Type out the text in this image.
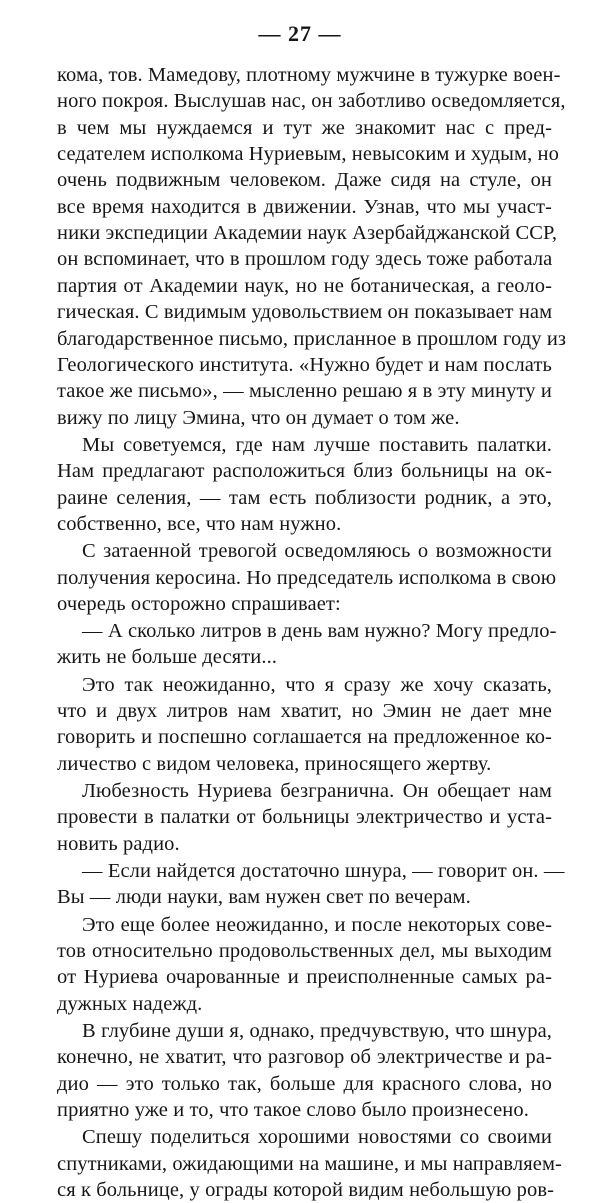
— 27 —
кома, тов. Мамедову, плотному мужчине в тужурке воен-
ного покроя. Выслушав нас, он заботливо осведомляется,
в чем мы нуждаемся и тут же знакомит нас с пред-
седателем исполкома Нуриевым, невысоким и худым, но
очень подвижным человеком. Даже сидя на стуле, он
все время находится в движении. Узнав, что мы участ-
ники экспедиции Академии наук Азербайджанской ССР,
он вспоминает, что в прошлом году здесь тоже работала
партия от Академии наук, но не ботаническая, а геоло-
гическая. С видимым удовольствием он показывает нам
благодарственное письмо, присланное в прошлом году из
Геологического института. «Нужно будет и нам послать
такое же письмо», — мысленно решаю я в эту минуту и
вижу по лицу Эмина, что он думает о том же.
Мы советуемся, где нам лучше поставить палатки.
Нам предлагают расположиться близ больницы на ок-
раине селения, — там есть поблизости родник, а это,
собственно, все, что нам нужно.
С затаенной тревогой осведомляюсь о возможности
получения керосина. Но председатель исполкома в свою
очередь осторожно спрашивает:
— А сколько литров в день вам нужно? Могу предло-
жить не больше десяти...
Это так неожиданно, что я сразу же хочу сказать,
что и двух литров нам хватит, но Эмин не дает мне
говорить и поспешно соглашается на предложенное ко-
личество с видом человека, приносящего жертву.
Любезность Нуриева безгранична. Он обещает нам
провести в палатки от больницы электричество и уста-
новить радио.
— Если найдется достаточно шнура, — говорит он. —
Вы — люди науки, вам нужен свет по вечерам.
Это еще более неожиданно, и после некоторых сове-
тов относительно продовольственных дел, мы выходим
от Нуриева очарованные и преисполненные самых ра-
дужных надежд.
В глубине души я, однако, предчувствую, что шнура,
конечно, не хватит, что разговор об электричестве и ра-
дио — это только так, больше для красного слова, но
приятно уже и то, что такое слово было произнесено.
Спешу поделиться хорошими новостями со своими
спутниками, ожидающими на машине, и мы направляем-
ся к больнице, у ограды которой видим небольшую ров-
